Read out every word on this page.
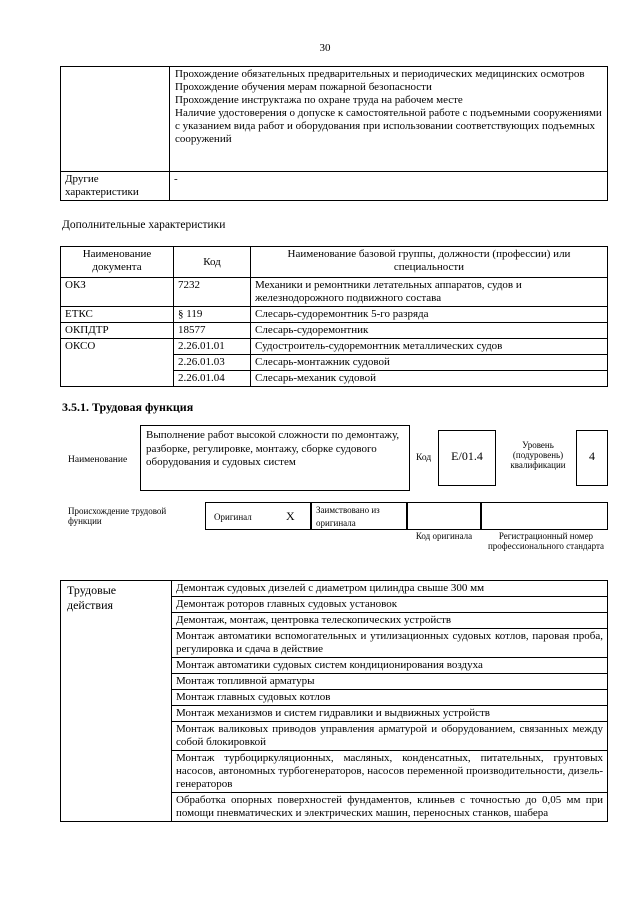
30

	Прохождение обязательных предварительных и периодических медицинских осмотров
Прохождение обучения мерам пожарной безопасности
Прохождение инструктажа по охране труда на рабочем месте
Наличие удостоверения о допуске к самостоятельной работе с подъемными сооружениями с указанием вида работ и оборудования при использовании соответствующих подъемных сооружений

Другие характеристики	-
Дополнительные характеристики
Наименование документа	Код	Наименование базовой группы, должности (профессии) или специальности
ОКЗ	7232	Механики и ремонтники летательных аппаратов, судов и железнодорожного подвижного состава
ЕТКС	§ 119	Слесарь-судоремонтник 5-го разряда
ОКПДТР	18577	Слесарь-судоремонтник
ОКСО	2.26.01.01	Судостроитель-судоремонтник металлических судов
	2.26.01.03	Слесарь-монтажник судовой
	2.26.01.04	Слесарь-механик судовой
3.5.1. Трудовая функция
Наименование
Выполнение работ высокой сложности по демонтажу, разборке, регулировке, монтажу, сборке судового оборудования и судовых систем	Код	E/01.4
Уровень (подуровень) квалификации
4
Происхождение трудовой функции	Оригинал	X	Заимствовано из оригинала
Код оригинала	Регистрационный номер профессионального стандарта
Трудовые действия	Демонтаж судовых дизелей с диаметром цилиндра свыше 300 мм
Демонтаж роторов главных судовых установок
Демонтаж, монтаж, центровка телескопических устройств
Монтаж автоматики вспомогательных и утилизационных судовых котлов, паровая проба, регулировка и сдача в действие
Монтаж автоматики судовых систем кондиционирования воздуха
Монтаж топливной арматуры
Монтаж главных судовых котлов
Монтаж механизмов и систем гидравлики и выдвижных устройств
Монтаж валиковых приводов управления арматурой и оборудованием, связанных между собой блокировкой
Монтаж турбоциркуляционных, масляных, конденсатных, питательных, грунтовых насосов, автономных турбогенераторов, насосов переменной производительности, дизель-генераторов
Обработка опорных поверхностей фундаментов, клиньев с точностью до 0,05 мм при помощи пневматических и электрических машин, переносных станков, шабера
